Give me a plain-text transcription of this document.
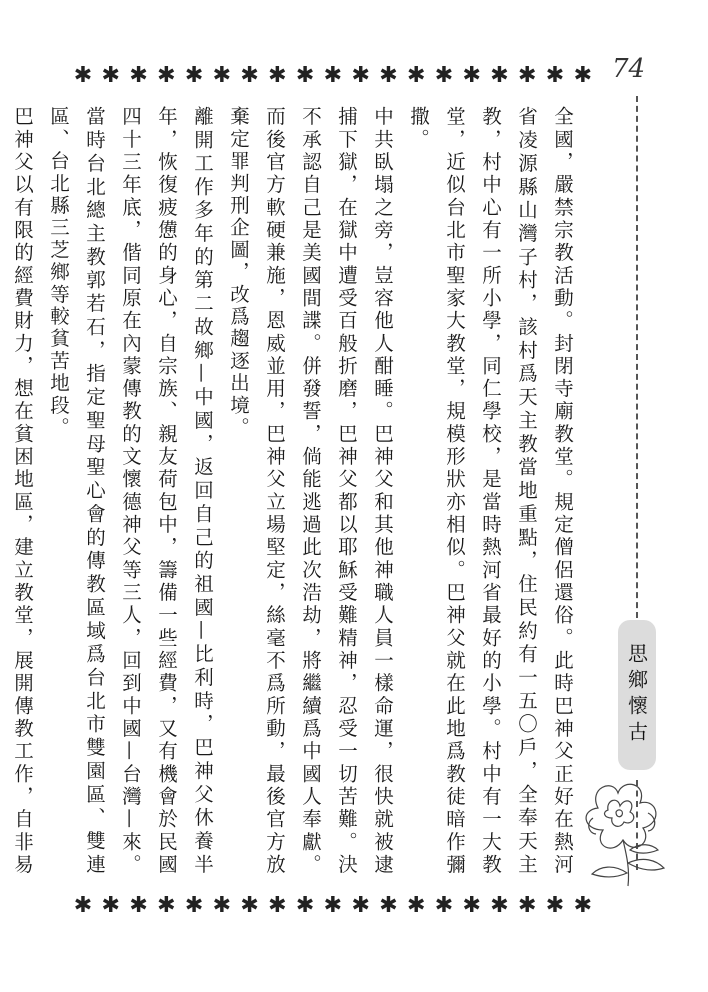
✱ ✱ ✱ ✱ ✱ ✱ ✱ ✱ ✱ ✱ ✱ ✱ ✱ ✱ ✱ ✱ ✱ ✱ ✱ 74
思鄉懷古

全國，嚴禁宗教活動。封閉寺廟教堂。規定僧侶還俗。此時巴神父正好在熱河省凌源縣山灣子村，該村爲天主教當地重點，住民約有一五〇戶，全奉天主教，村中心有一所小學，同仁學校，是當時熱河省最好的小學。村中有一大教堂，近似台北市聖家大教堂，規模形狀亦相似。巴神父就在此地爲教徒暗作彌撒。

中共臥塌之旁，豈容他人酣睡。巴神父和其他神職人員一樣命運，很快就被逮捕下獄，在獄中遭受百般折磨，巴神父都以耶穌受難精神，忍受一切苦難。決不承認自己是美國間諜。併發誓，倘能逃過此次浩劫，將繼續爲中國人奉獻。而後官方軟硬兼施，恩威並用，巴神父立場堅定，絲毫不爲所動，最後官方放棄定罪判刑企圖，改爲趨逐出境。

離開工作多年的第二故鄉—中國，返回自己的祖國—比利時，巴神父休養半年，恢復疲憊的身心，自宗族、親友荷包中，籌備一些經費，又有機會於民國四十三年底，偕同原在內蒙傳教的文懷德神父等三人，回到中國—台灣—來。當時台北總主教郭若石，指定聖母聖心會的傳教區域爲台北市雙園區、雙連區、台北縣三芝鄉等較貧苦地段。

巴神父以有限的經費財力，想在貧困地區，建立教堂，展開傳教工作，自非易

✱ ✱ ✱ ✱ ✱ ✱ ✱ ✱ ✱ ✱ ✱ ✱ ✱ ✱ ✱ ✱ ✱ ✱ ✱
